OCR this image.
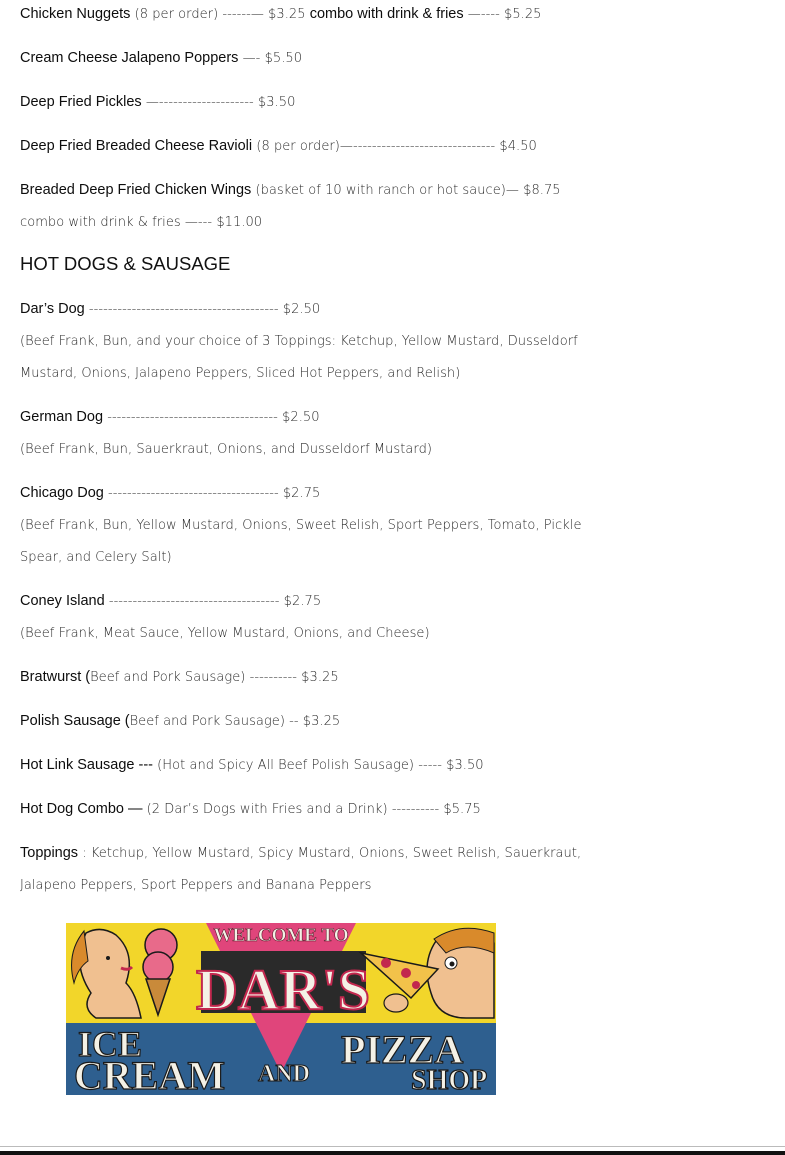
Chicken Nuggets (8 per order) ------— $3.25 combo with drink & fries —---- $5.25
Cream Cheese Jalapeno Poppers —- $5.50
Deep Fried Pickles —-------------------- $3.50
Deep Fried Breaded Cheese Ravioli (8 per order)—------------------------------ $4.50
Breaded Deep Fried Chicken Wings (basket of 10 with ranch or hot sauce)— $8.75
combo with drink & fries —--- $11.00
HOT DOGS & SAUSAGE
Dar’s Dog ---------------------------------------- $2.50
(Beef Frank, Bun, and your choice of 3 Toppings: Ketchup, Yellow Mustard, Dusseldorf
Mustard, Onions, Jalapeno Peppers, Sliced Hot Peppers, and Relish)
German Dog ------------------------------------ $2.50
(Beef Frank, Bun, Sauerkraut, Onions, and Dusseldorf Mustard)
Chicago Dog ------------------------------------ $2.75
(Beef Frank, Bun, Yellow Mustard, Onions, Sweet Relish, Sport Peppers, Tomato, Pickle
Spear, and Celery Salt)
Coney Island ------------------------------------ $2.75
(Beef Frank, Meat Sauce, Yellow Mustard, Onions, and Cheese)
Bratwurst (Beef and Pork Sausage) ---------- $3.25
Polish Sausage (Beef and Pork Sausage) -- $3.25
Hot Link Sausage --- (Hot and Spicy All Beef Polish Sausage) ----- $3.50
Hot Dog Combo — (2 Dar’s Dogs with Fries and a Drink) ---------- $5.75
Toppings : Ketchup, Yellow Mustard, Spicy Mustard, Onions, Sweet Relish, Sauerkraut,
Jalapeno Peppers, Sport Peppers and Banana Peppers
WELCOME TO
DAR'S
ICE
CREAM AND
PIZZA
SHOP
